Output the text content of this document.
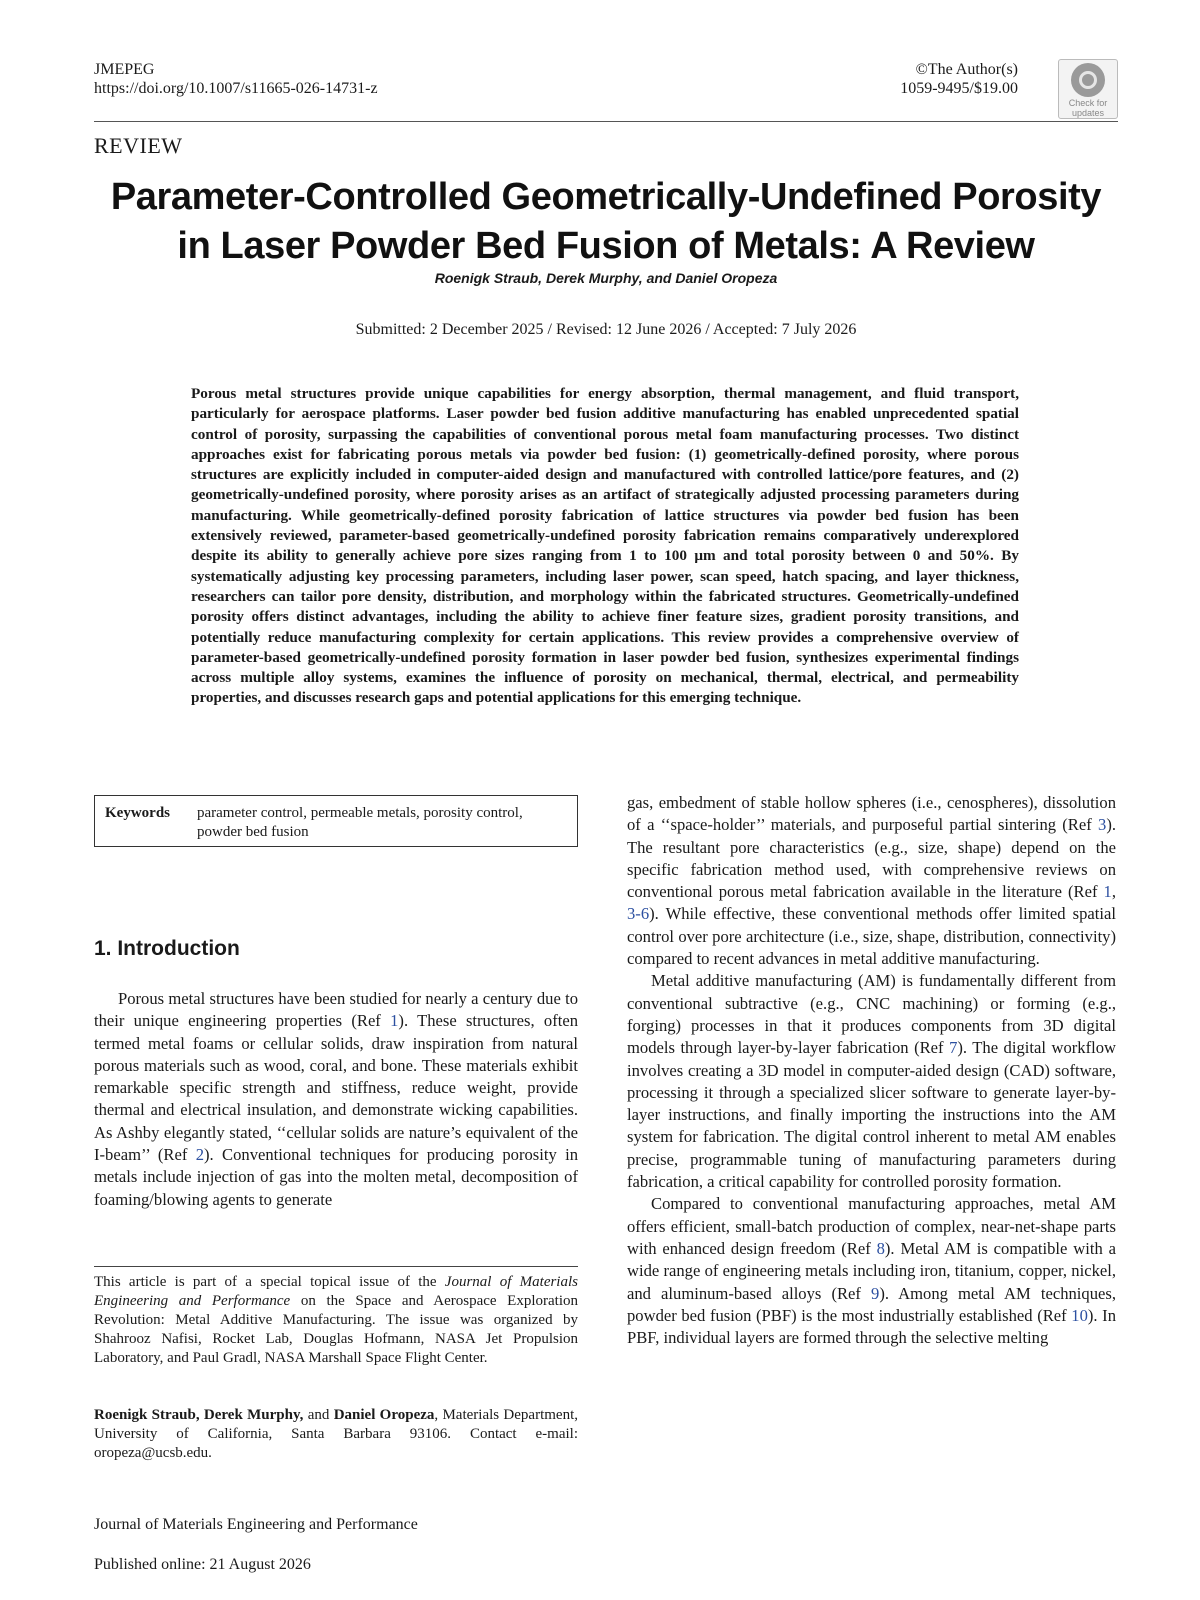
JMEPEG
https://doi.org/10.1007/s11665-026-14731-z
©The Author(s)
1059-9495/$19.00
Check for
updates
REVIEW
Parameter-Controlled Geometrically-Undefined Porosity
in Laser Powder Bed Fusion of Metals: A Review
Roenigk Straub, Derek Murphy, and Daniel Oropeza
Submitted: 2 December 2025 / Revised: 12 June 2026 / Accepted: 7 July 2026
Porous metal structures provide unique capabilities for energy absorption, thermal management, and fluid transport, particularly for aerospace platforms. Laser powder bed fusion additive manufacturing has enabled unprecedented spatial control of porosity, surpassing the capabilities of conventional porous metal foam manufacturing processes. Two distinct approaches exist for fabricating porous metals via powder bed fusion: (1) geometrically-defined porosity, where porous structures are explicitly included in computer-aided design and manufactured with controlled lattice/pore features, and (2) geometrically-undefined porosity, where porosity arises as an artifact of strategically adjusted processing parameters during manufacturing. While geometrically-defined porosity fabrication of lattice structures via powder bed fusion has been extensively reviewed, parameter-based geometrically-undefined porosity fabrication remains comparatively underexplored despite its ability to generally achieve pore sizes ranging from 1 to 100 μm and total porosity between 0 and 50%. By systematically adjusting key processing parameters, including laser power, scan speed, hatch spacing, and layer thickness, researchers can tailor pore density, distribution, and morphology within the fabricated structures. Geometrically-undefined porosity offers distinct advantages, including the ability to achieve finer feature sizes, gradient porosity transitions, and potentially reduce manufacturing complexity for certain applications. This review provides a comprehensive overview of parameter-based geometrically-undefined porosity formation in laser powder bed fusion, synthesizes experimental findings across multiple alloy systems, examines the influence of porosity on mechanical, thermal, electrical, and permeability properties, and discusses research gaps and potential applications for this emerging technique.
Keywords	parameter control, permeable metals, porosity control, powder bed fusion
1. Introduction

Porous metal structures have been studied for nearly a century due to their unique engineering properties (Ref 1). These structures, often termed metal foams or cellular solids, draw inspiration from natural porous materials such as wood, coral, and bone. These materials exhibit remarkable specific strength and stiffness, reduce weight, provide thermal and electrical insulation, and demonstrate wicking capabilities. As Ashby elegantly stated, ‘‘cellular solids are nature’s equivalent of the I-beam’’ (Ref 2). Conventional techniques for producing porosity in metals include injection of gas into the molten metal, decomposition of foaming/blowing agents to generate

gas, embedment of stable hollow spheres (i.e., cenospheres), dissolution of a ‘‘space-holder’’ materials, and purposeful partial sintering (Ref 3). The resultant pore characteristics (e.g., size, shape) depend on the specific fabrication method used, with comprehensive reviews on conventional porous metal fabrication available in the literature (Ref 1, 3-6). While effective, these conventional methods offer limited spatial control over pore architecture (i.e., size, shape, distribution, connectivity) compared to recent advances in metal additive manufacturing.

Metal additive manufacturing (AM) is fundamentally different from conventional subtractive (e.g., CNC machining) or forming (e.g., forging) processes in that it produces components from 3D digital models through layer-by-layer fabrication (Ref 7). The digital workflow involves creating a 3D model in computer-aided design (CAD) software, processing it through a specialized slicer software to generate layer-by-layer instructions, and finally importing the instructions into the AM system for fabrication. The digital control inherent to metal AM enables precise, programmable tuning of manufacturing parameters during fabrication, a critical capability for controlled porosity formation.

Compared to conventional manufacturing approaches, metal AM offers efficient, small-batch production of complex, near-net-shape parts with enhanced design freedom (Ref 8). Metal AM is compatible with a wide range of engineering metals including iron, titanium, copper, nickel, and aluminum-based alloys (Ref 9). Among metal AM techniques, powder bed fusion (PBF) is the most industrially established (Ref 10). In PBF, individual layers are formed through the selective melting

This article is part of a special topical issue of the Journal of Materials Engineering and Performance on the Space and Aerospace Exploration Revolution: Metal Additive Manufacturing. The issue was organized by Shahrooz Nafisi, Rocket Lab, Douglas Hofmann, NASA Jet Propulsion Laboratory, and Paul Gradl, NASA Marshall Space Flight Center.
Roenigk Straub, Derek Murphy, and Daniel Oropeza, Materials Department, University of California, Santa Barbara 93106. Contact e-mail: oropeza@ucsb.edu.
Journal of Materials Engineering and Performance
Published online: 21 August 2026
